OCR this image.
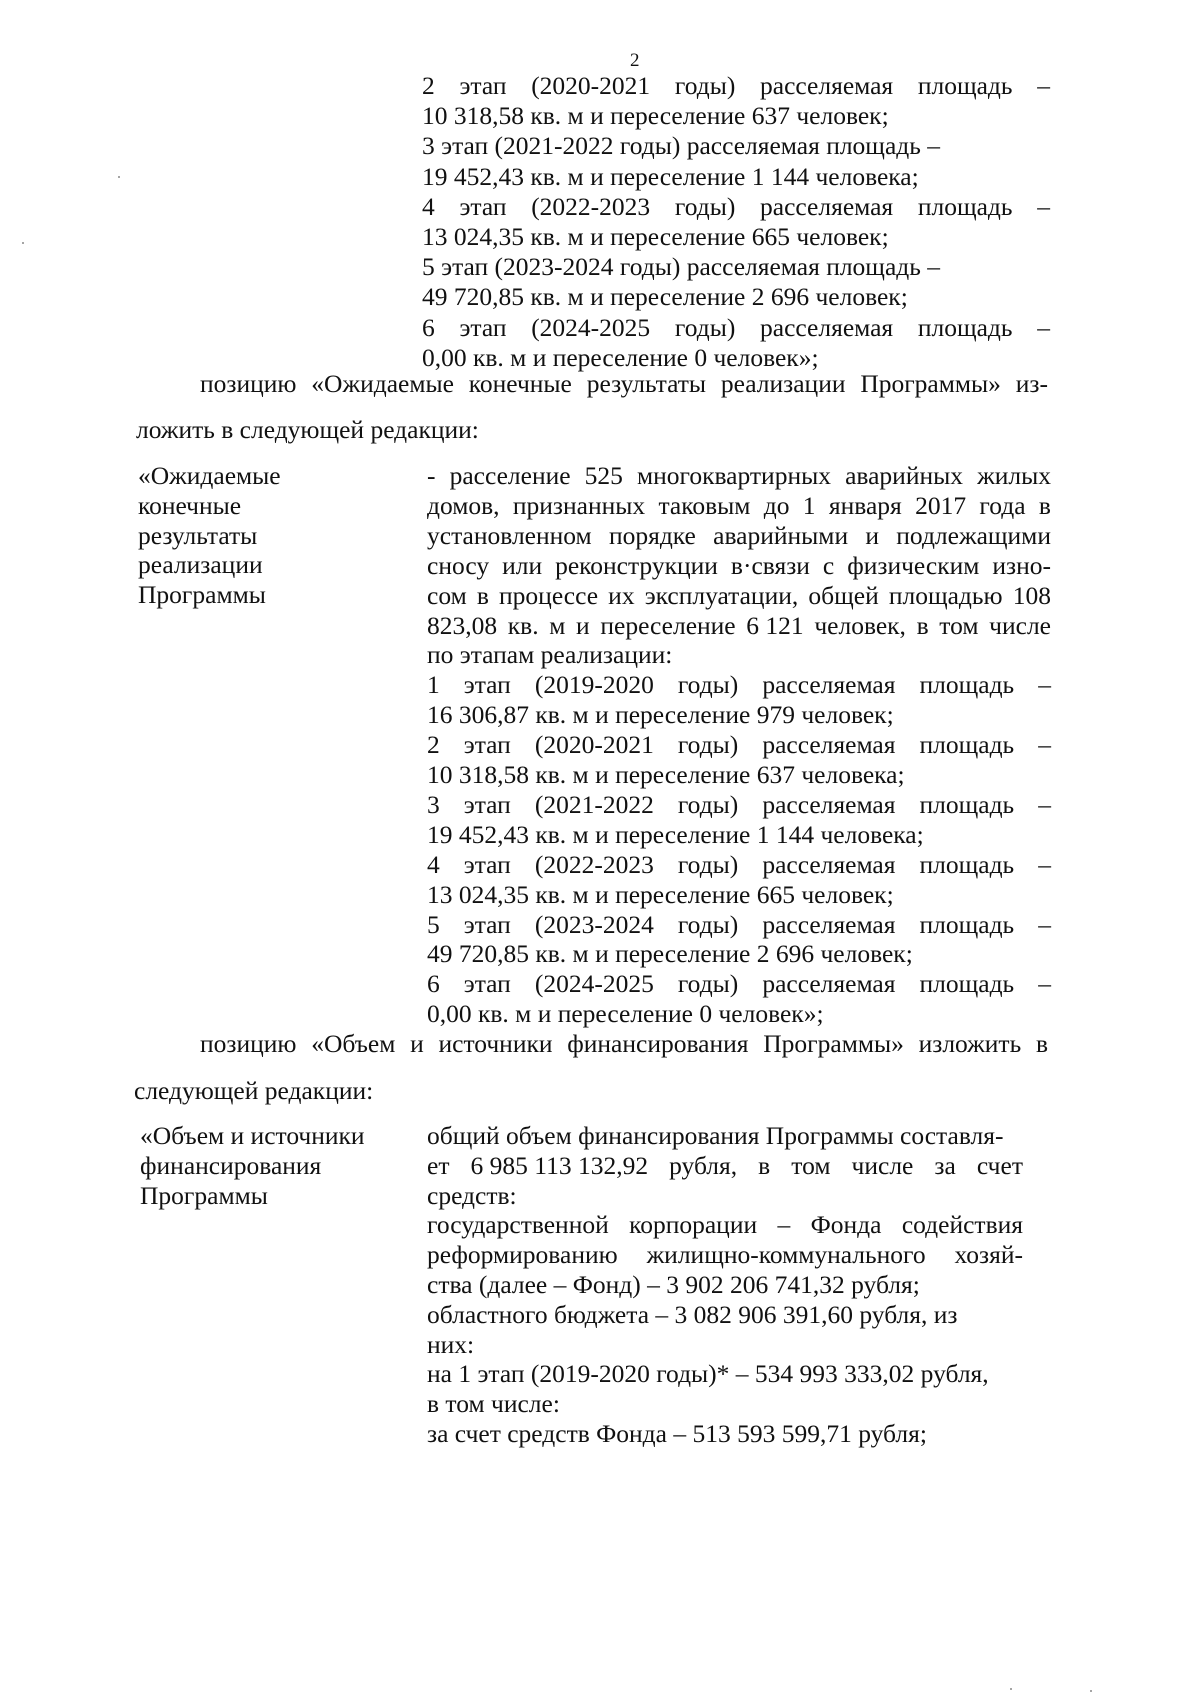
2
2 этап (2020-2021 годы) расселяемая площадь –
10 318,58 кв. м и переселение 637 человек;
3 этап (2021-2022 годы) расселяемая площадь –
19 452,43 кв. м и переселение 1 144 человека;
4 этап (2022-2023 годы) расселяемая площадь –
13 024,35 кв. м и переселение 665 человек;
5 этап (2023-2024 годы) расселяемая площадь –
49 720,85 кв. м и переселение 2 696 человек;
6 этап (2024-2025 годы) расселяемая площадь –
0,00 кв. м и переселение 0 человек»;
позицию «Ожидаемые конечные результаты реализации Программы» из-
ложить в следующей редакции:
«Ожидаемые
конечные
результаты
реализации
Программы
- расселение 525 многоквартирных аварийных жилых
домов, признанных таковым до 1 января 2017 года в
установленном порядке аварийными и подлежащими
сносу или реконструкции в·связи с физическим изно-
сом в процессе их эксплуатации, общей площадью 108
823,08 кв. м и переселение 6 121 человек, в том числе
по этапам реализации:
1 этап (2019-2020 годы) расселяемая площадь –
16 306,87 кв. м и переселение 979 человек;
2 этап (2020-2021 годы) расселяемая площадь –
10 318,58 кв. м и переселение 637 человека;
3 этап (2021-2022 годы) расселяемая площадь –
19 452,43 кв. м и переселение 1 144 человека;
4 этап (2022-2023 годы) расселяемая площадь –
13 024,35 кв. м и переселение 665 человек;
5 этап (2023-2024 годы) расселяемая площадь –
49 720,85 кв. м и переселение 2 696 человек;
6 этап (2024-2025 годы) расселяемая площадь –
0,00 кв. м и переселение 0 человек»;
позицию «Объем и источники финансирования Программы» изложить в
следующей редакции:
«Объем и источники
финансирования
Программы
общий объем финансирования Программы составля-
ет 6 985 113 132,92 рубля, в том числе за счет
средств:
государственной корпорации – Фонда содействия
реформированию жилищно-коммунального хозяй-
ства (далее – Фонд) – 3 902 206 741,32 рубля;
областного бюджета – 3 082 906 391,60 рубля, из
них:
на 1 этап (2019-2020 годы)* – 534 993 333,02 рубля,
в том числе:
за счет средств Фонда – 513 593 599,71 рубля;
